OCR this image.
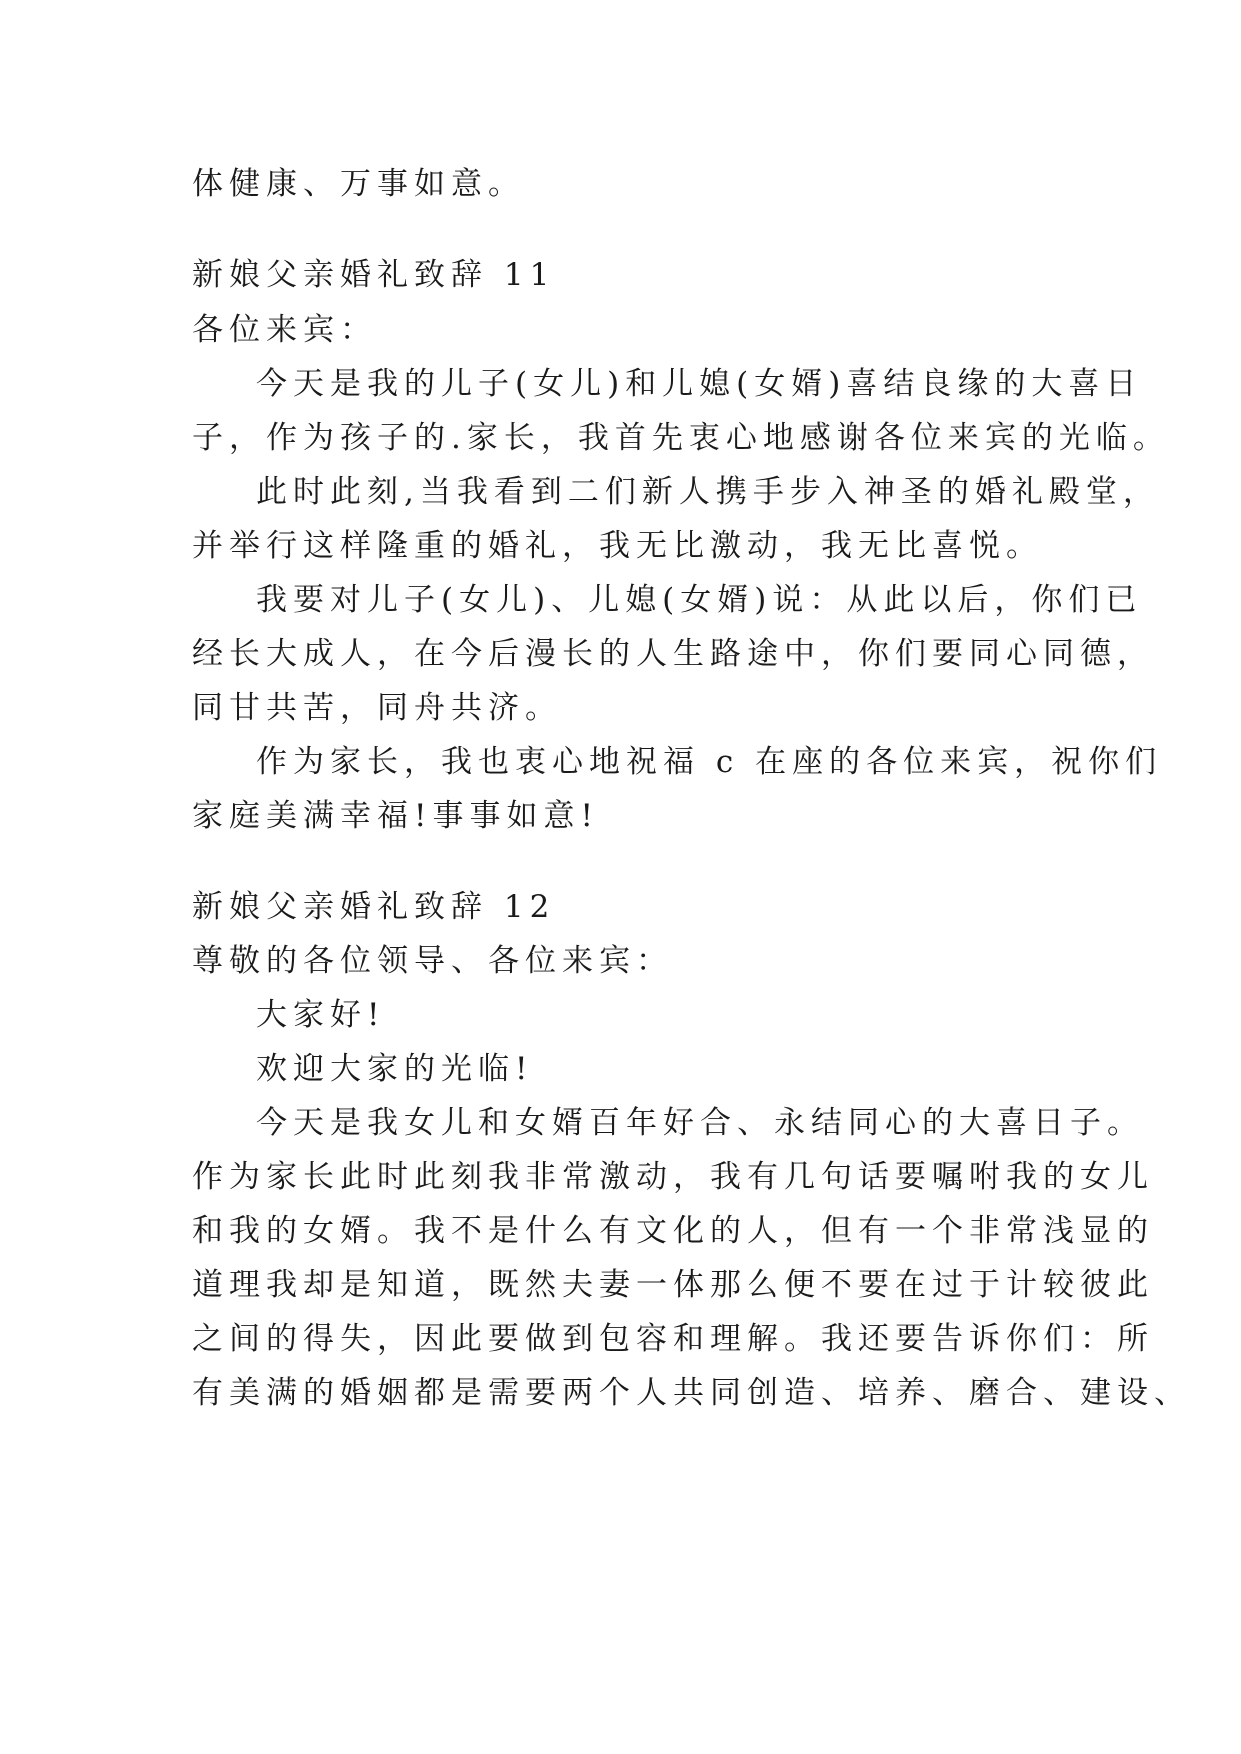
体健康、万事如意。
新娘父亲婚礼致辞 11
各位来宾：
今天是我的儿子(女儿)和儿媳(女婿)喜结良缘的大喜日
子，作为孩子的.家长，我首先衷心地感谢各位来宾的光临。
此时此刻,当我看到二们新人携手步入神圣的婚礼殿堂，
并举行这样隆重的婚礼，我无比激动，我无比喜悦。
我要对儿子(女儿)、儿媳(女婿)说：从此以后，你们已
经长大成人，在今后漫长的人生路途中，你们要同心同德，
同甘共苦，同舟共济。
作为家长，我也衷心地祝福 c 在座的各位来宾，祝你们
家庭美满幸福!事事如意!
新娘父亲婚礼致辞 12
尊敬的各位领导、各位来宾：
大家好!
欢迎大家的光临!
今天是我女儿和女婿百年好合、永结同心的大喜日子。
作为家长此时此刻我非常激动，我有几句话要嘱咐我的女儿
和我的女婿。我不是什么有文化的人，但有一个非常浅显的
道理我却是知道，既然夫妻一体那么便不要在过于计较彼此
之间的得失，因此要做到包容和理解。我还要告诉你们：所
有美满的婚姻都是需要两个人共同创造、培养、磨合、建设、
